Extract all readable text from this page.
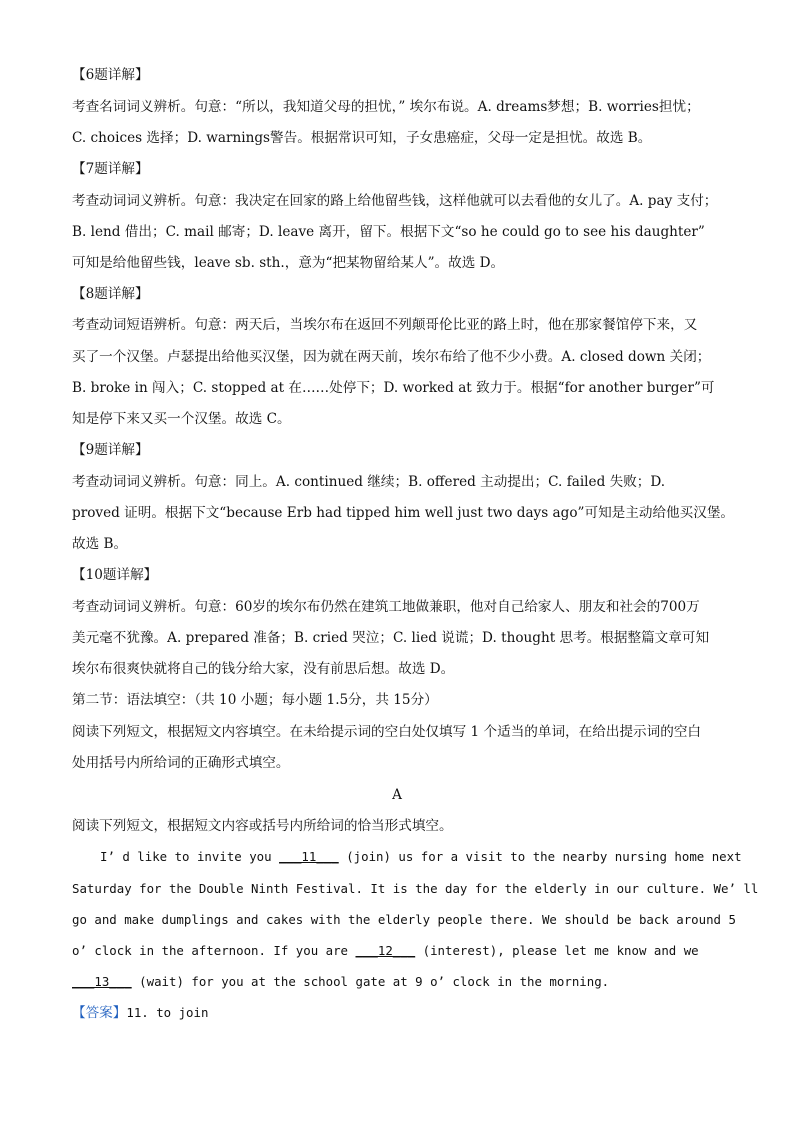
【6题详解】
考查名词词义辨析。句意：“所以，我知道父母的担忧，” 埃尔布说。A. dreams梦想；B. worries担忧；
C. choices 选择；D. warnings警告。根据常识可知，子女患癌症，父母一定是担忧。故选 B。
【7题详解】
考查动词词义辨析。句意：我决定在回家的路上给他留些钱，这样他就可以去看他的女儿了。A. pay 支付；
B. lend 借出；C. mail 邮寄；D. leave 离开，留下。根据下文“so he could go to see his daughter”
可知是给他留些钱，leave sb. sth.，意为“把某物留给某人”。故选 D。
【8题详解】
考查动词短语辨析。句意：两天后，当埃尔布在返回不列颠哥伦比亚的路上时，他在那家餐馆停下来，又
买了一个汉堡。卢瑟提出给他买汉堡，因为就在两天前，埃尔布给了他不少小费。A. closed down 关闭；
B. broke in 闯入；C. stopped at 在……处停下；D. worked at 致力于。根据“for another burger”可
知是停下来又买一个汉堡。故选 C。
【9题详解】
考查动词词义辨析。句意：同上。A. continued 继续；B. offered 主动提出；C. failed 失败；D.
proved 证明。根据下文“because Erb had tipped him well just two days ago”可知是主动给他买汉堡。
故选 B。
【10题详解】
考查动词词义辨析。句意：60岁的埃尔布仍然在建筑工地做兼职，他对自己给家人、朋友和社会的700万
美元毫不犹豫。A. prepared 准备；B. cried 哭泣；C. lied 说谎；D. thought 思考。根据整篇文章可知
埃尔布很爽快就将自己的钱分给大家，没有前思后想。故选 D。
第二节：语法填空：（共 10 小题；每小题 1.5分，共 15分）
阅读下列短文，根据短文内容填空。在未给提示词的空白处仅填写 1 个适当的单词，在给出提示词的空白
处用括号内所给词的正确形式填空。
A
阅读下列短文，根据短文内容或括号内所给词的恰当形式填空。
I’ d like to invite you ___11___ (join) us for a visit to the nearby nursing home next
Saturday for the Double Ninth Festival. It is the day for the elderly in our culture. We’ ll
go and make dumplings and cakes with the elderly people there. We should be back around 5
o’ clock in the afternoon. If you are ___12___ (interest), please let me know and we
___13___ (wait) for you at the school gate at 9 o’ clock in the morning.
【答案】11. to join
